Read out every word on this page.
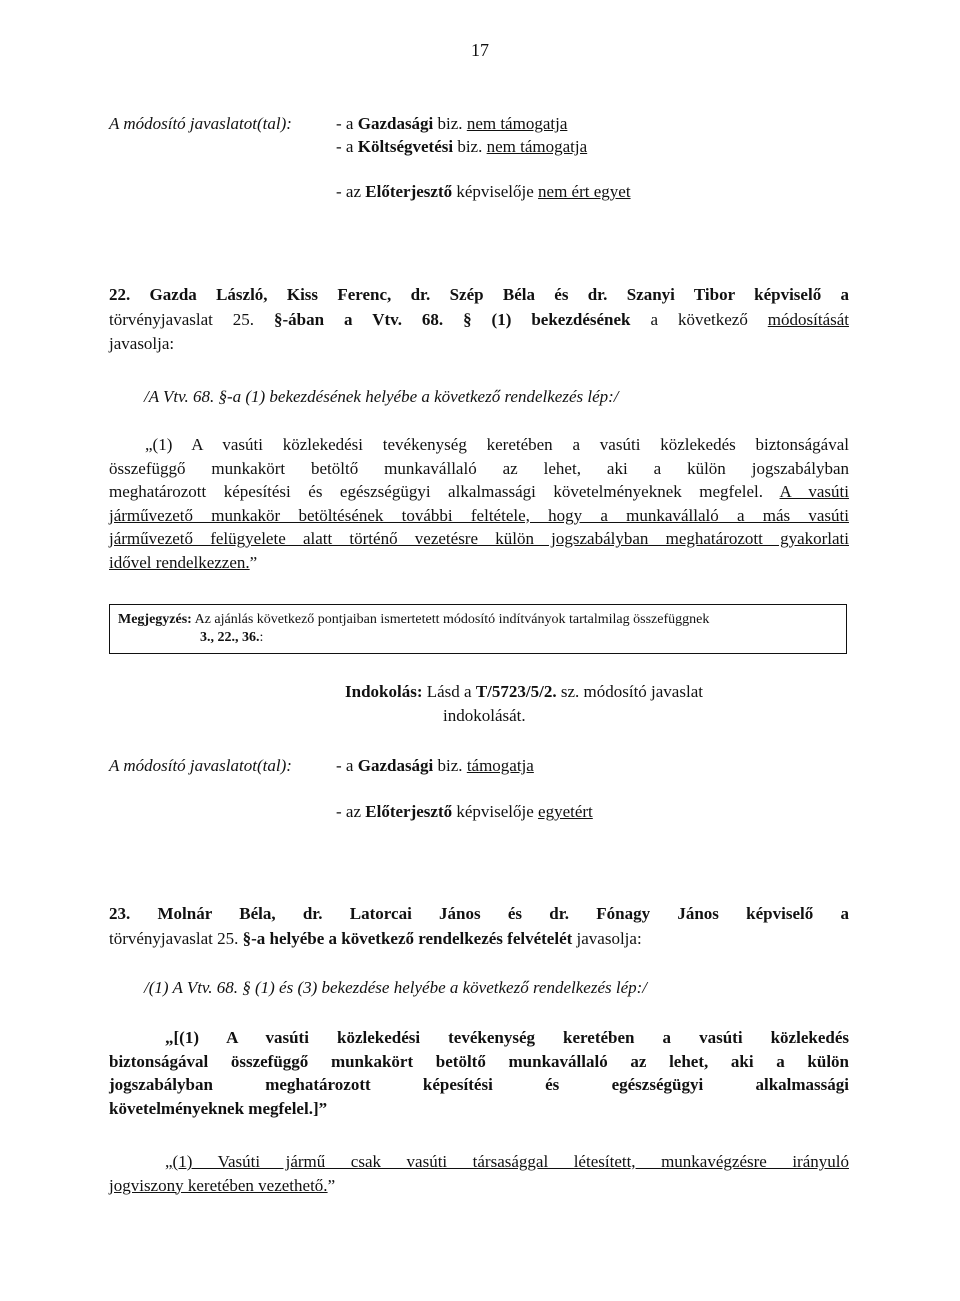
17
A módosító javaslatot(tal):	- a Gazdasági biz. nem támogatja
- a Költségvetési biz. nem támogatja
- az Előterjesztő képviselője nem ért egyet
22. Gazda László, Kiss Ferenc, dr. Szép Béla és dr. Szanyi Tibor képviselő a
törvényjavaslat 25. §-ában a Vtv. 68. § (1) bekezdésének a következő módosítását
javasolja:
/A Vtv. 68. §-a (1) bekezdésének helyébe a következő rendelkezés lép:/
„(1) A vasúti közlekedési tevékenység keretében a vasúti közlekedés biztonságával
összefüggő munkakört betöltő munkavállaló az lehet, aki a külön jogszabályban
meghatározott képesítési és egészségügyi alkalmassági követelményeknek megfelel. A vasúti
járművezető munkakör betöltésének további feltétele, hogy a munkavállaló a más vasúti
járművezető felügyelete alatt történő vezetésre külön jogszabályban meghatározott gyakorlati
idővel rendelkezzen.”
Megjegyzés: Az ajánlás következő pontjaiban ismertetett módosító indítványok tartalmilag összefüggnek
3., 22., 36.:
Indokolás: Lásd a T/5723/5/2. sz. módosító javaslat
indokolását.
A módosító javaslatot(tal):	- a Gazdasági biz. támogatja
- az Előterjesztő képviselője egyetért
23. Molnár Béla, dr. Latorcai János és dr. Fónagy János képviselő a
törvényjavaslat 25. §-a helyébe a következő rendelkezés felvételét javasolja:
/(1) A Vtv. 68. § (1) és (3) bekezdése helyébe a következő rendelkezés lép:/
„[(1) A vasúti közlekedési tevékenység keretében a vasúti közlekedés
biztonságával összefüggő munkakört betöltő munkavállaló az lehet, aki a külön
jogszabályban meghatározott képesítési és egészségügyi alkalmassági
követelményeknek megfelel.]”
„(1) Vasúti jármű csak vasúti társasággal létesített, munkavégzésre irányuló
jogviszony keretében vezethető.”
